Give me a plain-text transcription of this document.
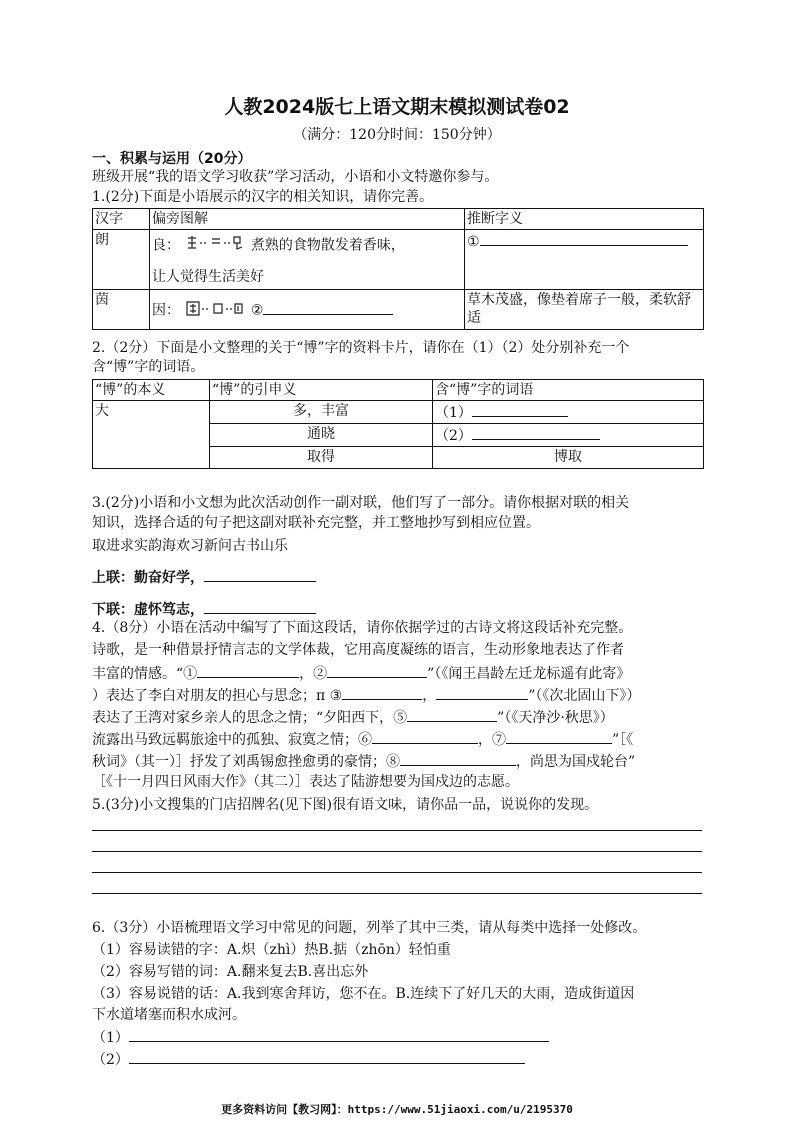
人教2024版七上语文期末模拟测试卷02
（满分：120分时间：150分钟）
一、积累与运用（20分）
班级开展“我的语文学习收获”学习活动，小语和小文特邀你参与。
1.(2分)下面是小语展示的汉字的相关知识，请你完善。
汉字	偏旁图解	推断字义
朗	良： 煮熟的食物散发着香味，
让人觉得生活美好	①
茵	因： ②	草木茂盛，像垫着席子一般，柔软舒适
2.（2分）下面是小文整理的关于“博”字的资料卡片，请你在（1）（2）处分别补充一个
含“博”字的词语。
“博”的本义	“博”的引申义	含“博”字的词语
大	多，丰富	（1）
	通晓	（2）
	取得	博取
3.(2分)小语和小文想为此次活动创作一副对联，他们写了一部分。请你根据对联的相关
知识，选择合适的句子把这副对联补充完整，并工整地抄写到相应位置。
取进求实韵海欢习新问古书山乐
上联：勤奋好学，
下联：虚怀笃志，
4.（8分）小语在活动中编写了下面这段话，请你依据学过的古诗文将这段话补充完整。
诗歌，是一种借景抒情言志的文学体裁，它用高度凝练的语言，生动形象地表达了作者
丰富的情感。“①	，②	”（《闻王昌龄左迁龙标遥有此寄》
）表达了李白对朋友的担心与思念；π ③	，	”（《次北固山下》）
表达了王湾对家乡亲人的思念之情；“夕阳西下，⑤	”（《天净沙·秋思》）
流露出马致远羁旅途中的孤独、寂寞之情；⑥	，⑦	”［《
秋词》（其一）］抒发了刘禹锡愈挫愈勇的豪情；⑧	，尚思为国戍轮台”
［《十一月四日风雨大作》（其二）］表达了陆游想要为国戍边的志愿。
5.(3分)小文搜集的门店招牌名(见下图)很有语文味，请你品一品，说说你的发现。
6.（3分）小语梳理语文学习中常见的问题，列举了其中三类，请从每类中选择一处修改。
（1）容易读错的字：A.炽（zhì）热B.掂（zhōn）轻怕重
（2）容易写错的词：A.翻来复去B.喜出忘外
（3）容易说错的话：A.我到寒舍拜访，您不在。B.连续下了好几天的大雨，造成街道因
下水道堵塞而积水成河。
（1）
（2）
更多资料访问【教习网】：https://www.51jiaoxi.com/u/2195370
